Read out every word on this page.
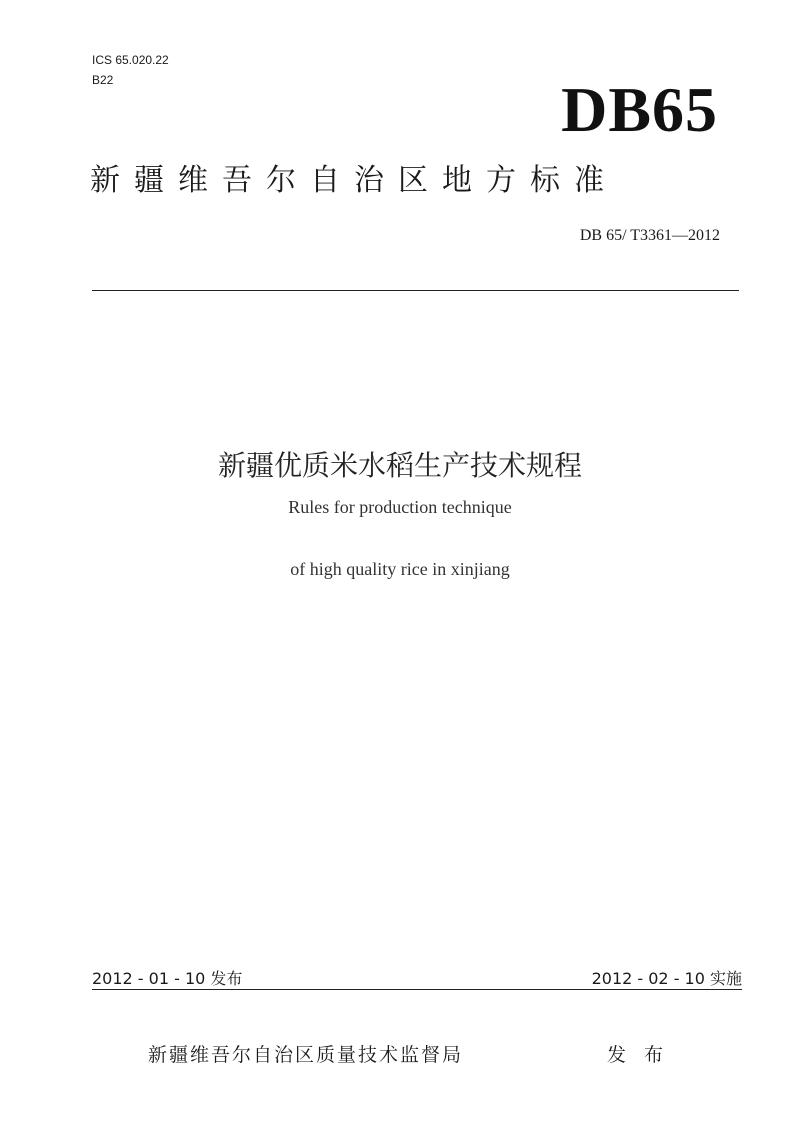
ICS 65.020.22
B22	DB65
新疆维吾尔自治区地方标准
DB 65/ T3361—2012
新疆优质米水稻生产技术规程
Rules for production technique
of high quality rice in xinjiang
2012 - 01 - 10 发布	2012 - 02 - 10 实施
新疆维吾尔自治区质量技术监督局	发 布
